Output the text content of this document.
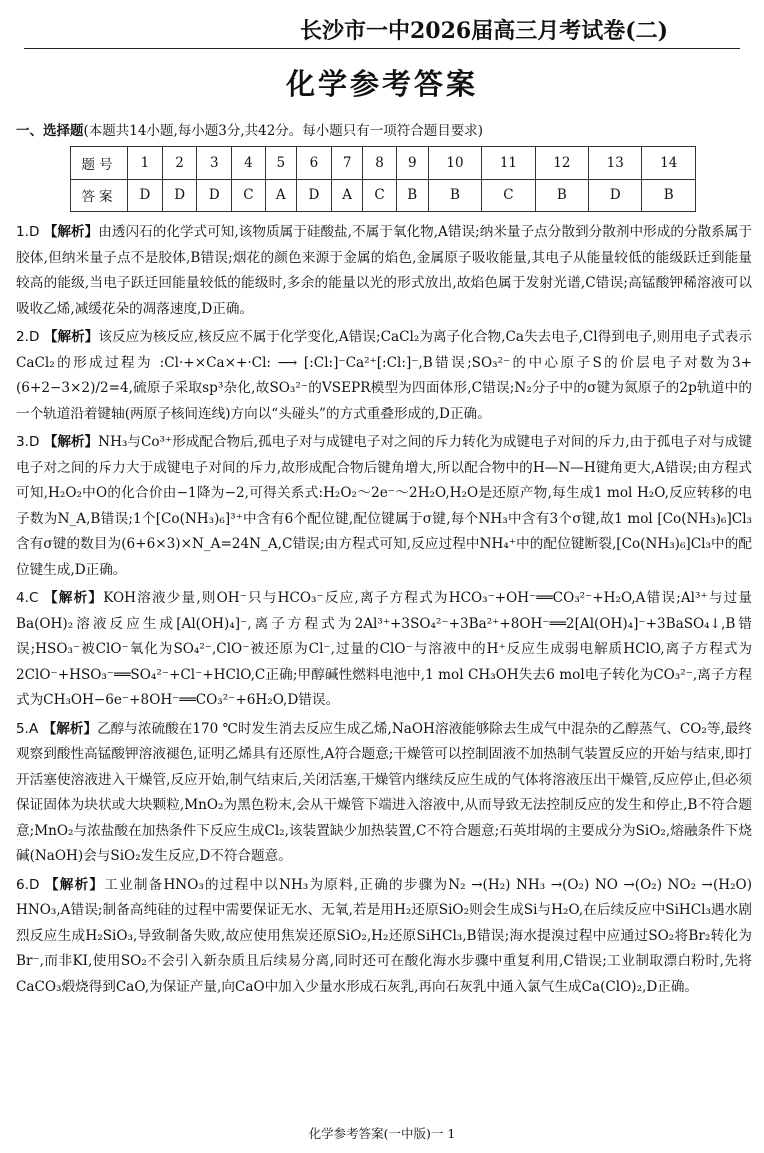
长沙市一中2026届高三月考试卷(二)
化学参考答案
一、选择题(本题共14小题,每小题3分,共42分。每小题只有一项符合题目要求)
题号	1	2	3	4	5	6	7	8	9	10	11	12	13	14
答案	D	D	D	C	A	D	A	C	B	B	C	B	D	B

1.D 【解析】由透闪石的化学式可知,该物质属于硅酸盐,不属于氧化物,A错误;纳米量子点分散到分散剂中形成的分散系属于胶体,但纳米量子点不是胶体,B错误;烟花的颜色来源于金属的焰色,金属原子吸收能量,其电子从能量较低的能级跃迁到能量较高的能级,当电子跃迁回能量较低的能级时,多余的能量以光的形式放出,故焰色属于发射光谱,C错误;高锰酸钾稀溶液可以吸收乙烯,减缓花朵的凋落速度,D正确。

2.D 【解析】该反应为核反应,核反应不属于化学变化,A错误;CaCl₂为离子化合物,Ca失去电子,Cl得到电子,则用电子式表示CaCl₂的形成过程为 :Cl·+×Ca×+·Cl: ⟶ [:Cl:]⁻Ca²⁺[:Cl:]⁻,B错误;SO₃²⁻的中心原子S的价层电子对数为3+(6+2−3×2)/2=4,硫原子采取sp³杂化,故SO₃²⁻的VSEPR模型为四面体形,C错误;N₂分子中的σ键为氮原子的2p轨道中的一个轨道沿着键轴(两原子核间连线)方向以“头碰头”的方式重叠形成的,D正确。

3.D 【解析】NH₃与Co³⁺形成配合物后,孤电子对与成键电子对之间的斥力转化为成键电子对间的斥力,由于孤电子对与成键电子对之间的斥力大于成键电子对间的斥力,故形成配合物后键角增大,所以配合物中的H—N—H键角更大,A错误;由方程式可知,H₂O₂中O的化合价由−1降为−2,可得关系式:H₂O₂～2e⁻～2H₂O,H₂O是还原产物,每生成1 mol H₂O,反应转移的电子数为N_A,B错误;1个[Co(NH₃)₆]³⁺中含有6个配位键,配位键属于σ键,每个NH₃中含有3个σ键,故1 mol [Co(NH₃)₆]Cl₃含有σ键的数目为(6+6×3)×N_A=24N_A,C错误;由方程式可知,反应过程中NH₄⁺中的配位键断裂,[Co(NH₃)₆]Cl₃中的配位键生成,D正确。

4.C 【解析】KOH溶液少量,则OH⁻只与HCO₃⁻反应,离子方程式为HCO₃⁻+OH⁻══CO₃²⁻+H₂O,A错误;Al³⁺与过量Ba(OH)₂溶液反应生成[Al(OH)₄]⁻,离子方程式为2Al³⁺+3SO₄²⁻+3Ba²⁺+8OH⁻══2[Al(OH)₄]⁻+3BaSO₄↓,B错误;HSO₃⁻被ClO⁻氧化为SO₄²⁻,ClO⁻被还原为Cl⁻,过量的ClO⁻与溶液中的H⁺反应生成弱电解质HClO,离子方程式为2ClO⁻+HSO₃⁻══SO₄²⁻+Cl⁻+HClO,C正确;甲醇碱性燃料电池中,1 mol CH₃OH失去6 mol电子转化为CO₃²⁻,离子方程式为CH₃OH−6e⁻+8OH⁻══CO₃²⁻+6H₂O,D错误。

5.A 【解析】乙醇与浓硫酸在170 ℃时发生消去反应生成乙烯,NaOH溶液能够除去生成气中混杂的乙醇蒸气、CO₂等,最终观察到酸性高锰酸钾溶液褪色,证明乙烯具有还原性,A符合题意;干燥管可以控制固液不加热制气装置反应的开始与结束,即打开活塞使溶液进入干燥管,反应开始,制气结束后,关闭活塞,干燥管内继续反应生成的气体将溶液压出干燥管,反应停止,但必须保证固体为块状或大块颗粒,MnO₂为黑色粉末,会从干燥管下端进入溶液中,从而导致无法控制反应的发生和停止,B不符合题意;MnO₂与浓盐酸在加热条件下反应生成Cl₂,该装置缺少加热装置,C不符合题意;石英坩埚的主要成分为SiO₂,熔融条件下烧碱(NaOH)会与SiO₂发生反应,D不符合题意。

6.D 【解析】工业制备HNO₃的过程中以NH₃为原料,正确的步骤为N₂ →(H₂) NH₃ →(O₂) NO →(O₂) NO₂ →(H₂O) HNO₃,A错误;制备高纯硅的过程中需要保证无水、无氧,若是用H₂还原SiO₂则会生成Si与H₂O,在后续反应中SiHCl₃遇水剧烈反应生成H₂SiO₃,导致制备失败,故应使用焦炭还原SiO₂,H₂还原SiHCl₃,B错误;海水提溴过程中应通过SO₂将Br₂转化为Br⁻,而非KI,使用SO₂不会引入新杂质且后续易分离,同时还可在酸化海水步骤中重复利用,C错误;工业制取漂白粉时,先将CaCO₃煅烧得到CaO,为保证产量,向CaO中加入少量水形成石灰乳,再向石灰乳中通入氯气生成Ca(ClO)₂,D正确。

化学参考答案(一中版)一 1
